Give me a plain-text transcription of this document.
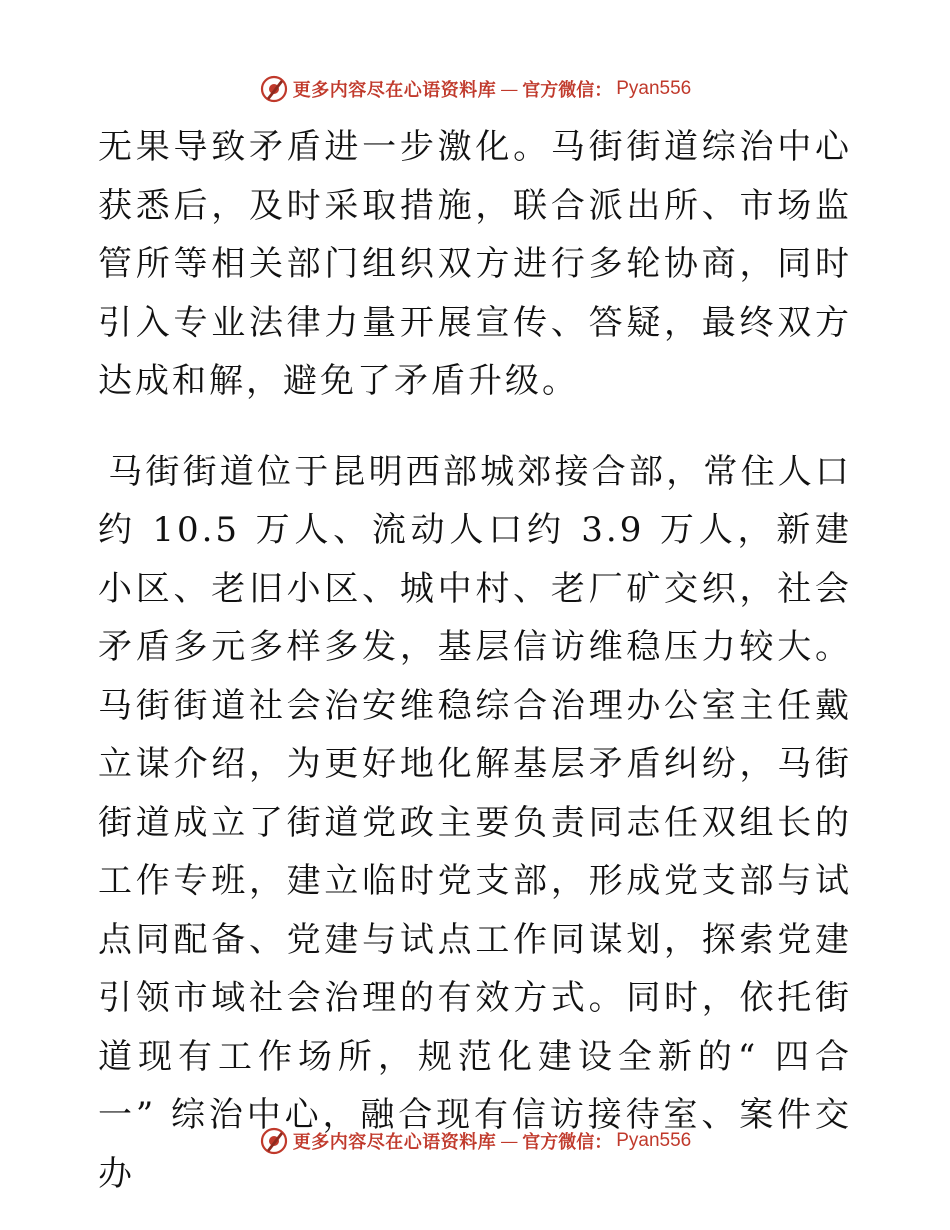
更多内容尽在心语资料库 — 官方微信： Pyan556

无果导致矛盾进一步激化。马街街道综治中心获悉后，及时采取措施，联合派出所、市场监管所等相关部门组织双方进行多轮协商，同时引入专业法律力量开展宣传、答疑，最终双方达成和解，避免了矛盾升级。

马街街道位于昆明西部城郊接合部，常住人口约 10.5 万人、流动人口约 3.9 万人，新建小区、老旧小区、城中村、老厂矿交织，社会矛盾多元多样多发，基层信访维稳压力较大。马街街道社会治安维稳综合治理办公室主任戴立谋介绍，为更好地化解基层矛盾纠纷，马街街道成立了街道党政主要负责同志任双组长的工作专班，建立临时党支部，形成党支部与试点同配备、党建与试点工作同谋划，探索党建引领市域社会治理的有效方式。同时，依托街道现有工作场所，规范化建设全新的“ 四合一” 综治中心，融合现有信访接待室、案件交办

更多内容尽在心语资料库 — 官方微信： Pyan556
